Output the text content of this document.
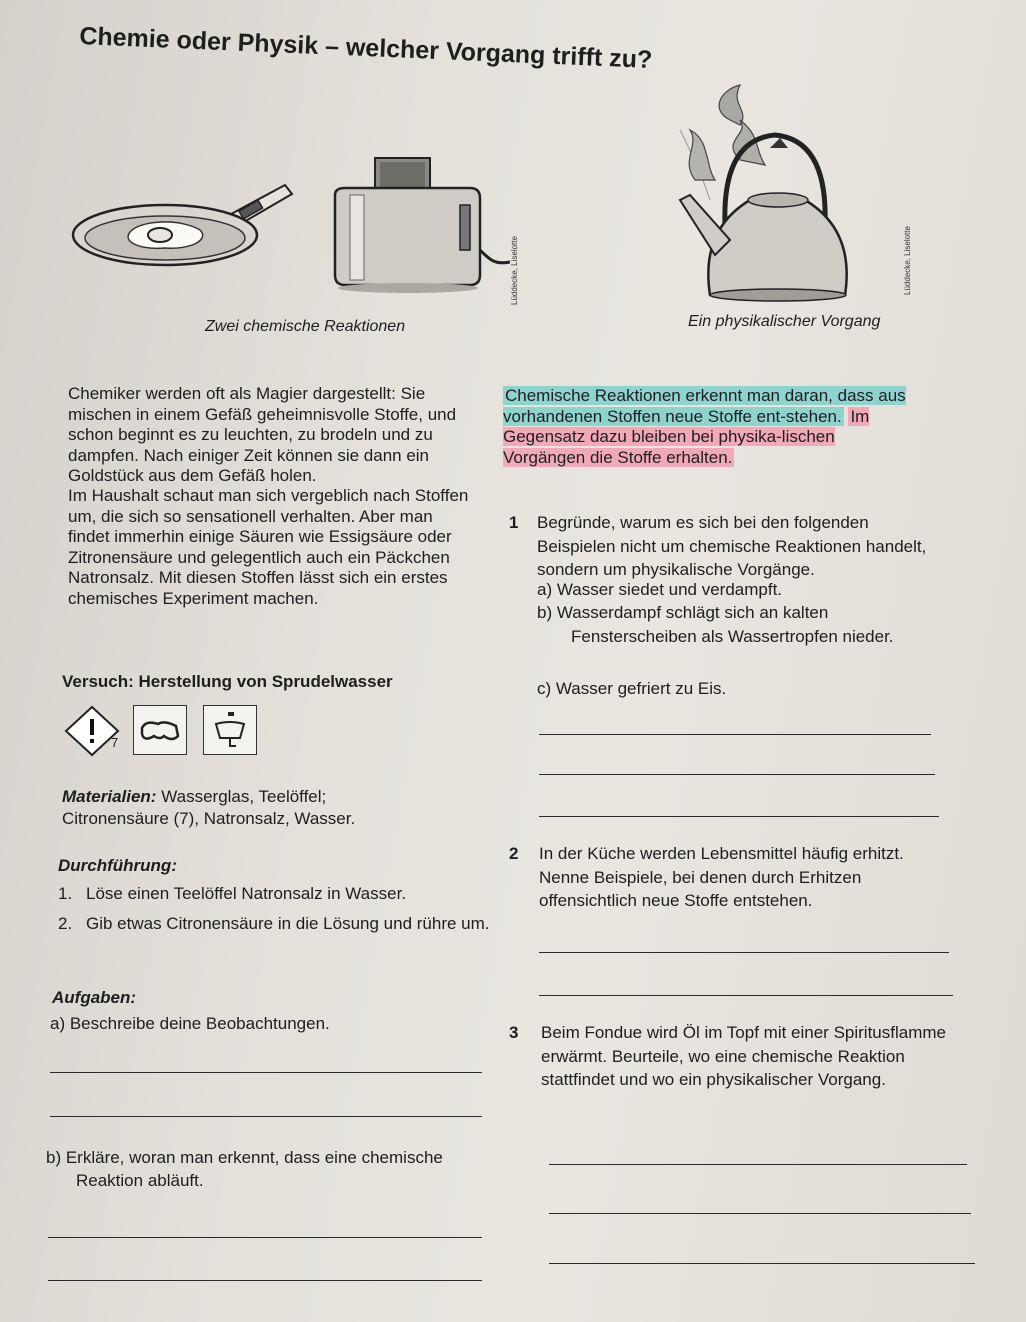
Chemie oder Physik – welcher Vorgang trifft zu?
Zwei chemische Reaktionen	Ein physikalischer Vorgang
Lüddecke, Liselotte	Lüddecke, Liselotte
Chemiker werden oft als Magier dargestellt: Sie mischen in einem Gefäß geheimnisvolle Stoffe, und schon beginnt es zu leuchten, zu brodeln und zu dampfen. Nach einiger Zeit können sie dann ein Goldstück aus dem Gefäß holen.
Im Haushalt schaut man sich vergeblich nach Stoffen um, die sich so sensationell verhalten. Aber man findet immerhin einige Säuren wie Essigsäure oder Zitronensäure und gelegentlich auch ein Päckchen Natronsalz. Mit diesen Stoffen lässt sich ein erstes chemisches Experiment machen.
Chemische Reaktionen erkennt man daran, dass aus vorhandenen Stoffen neue Stoffe ent-stehen. Im Gegensatz dazu bleiben bei physika-lischen Vorgängen die Stoffe erhalten.
Versuch: Herstellung von Sprudelwasser
7
Materialien: Wasserglas, Teelöffel; Citronensäure (7), Natronsalz, Wasser.
Durchführung:
1. Löse einen Teelöffel Natronsalz in Wasser.
2. Gib etwas Citronensäure in die Lösung und rühre um.
Aufgaben:
a) Beschreibe deine Beobachtungen.
b) Erkläre, woran man erkennt, dass eine chemische Reaktion abläuft.
1 Begründe, warum es sich bei den folgenden Beispielen nicht um chemische Reaktionen handelt, sondern um physikalische Vorgänge.
a) Wasser siedet und verdampft.
b) Wasserdampf schlägt sich an kalten Fensterscheiben als Wassertropfen nieder.
c) Wasser gefriert zu Eis.
2 In der Küche werden Lebensmittel häufig erhitzt. Nenne Beispiele, bei denen durch Erhitzen offensichtlich neue Stoffe entstehen.
3 Beim Fondue wird Öl im Topf mit einer Spiritusflamme erwärmt. Beurteile, wo eine chemische Reaktion stattfindet und wo ein physikalischer Vorgang.
